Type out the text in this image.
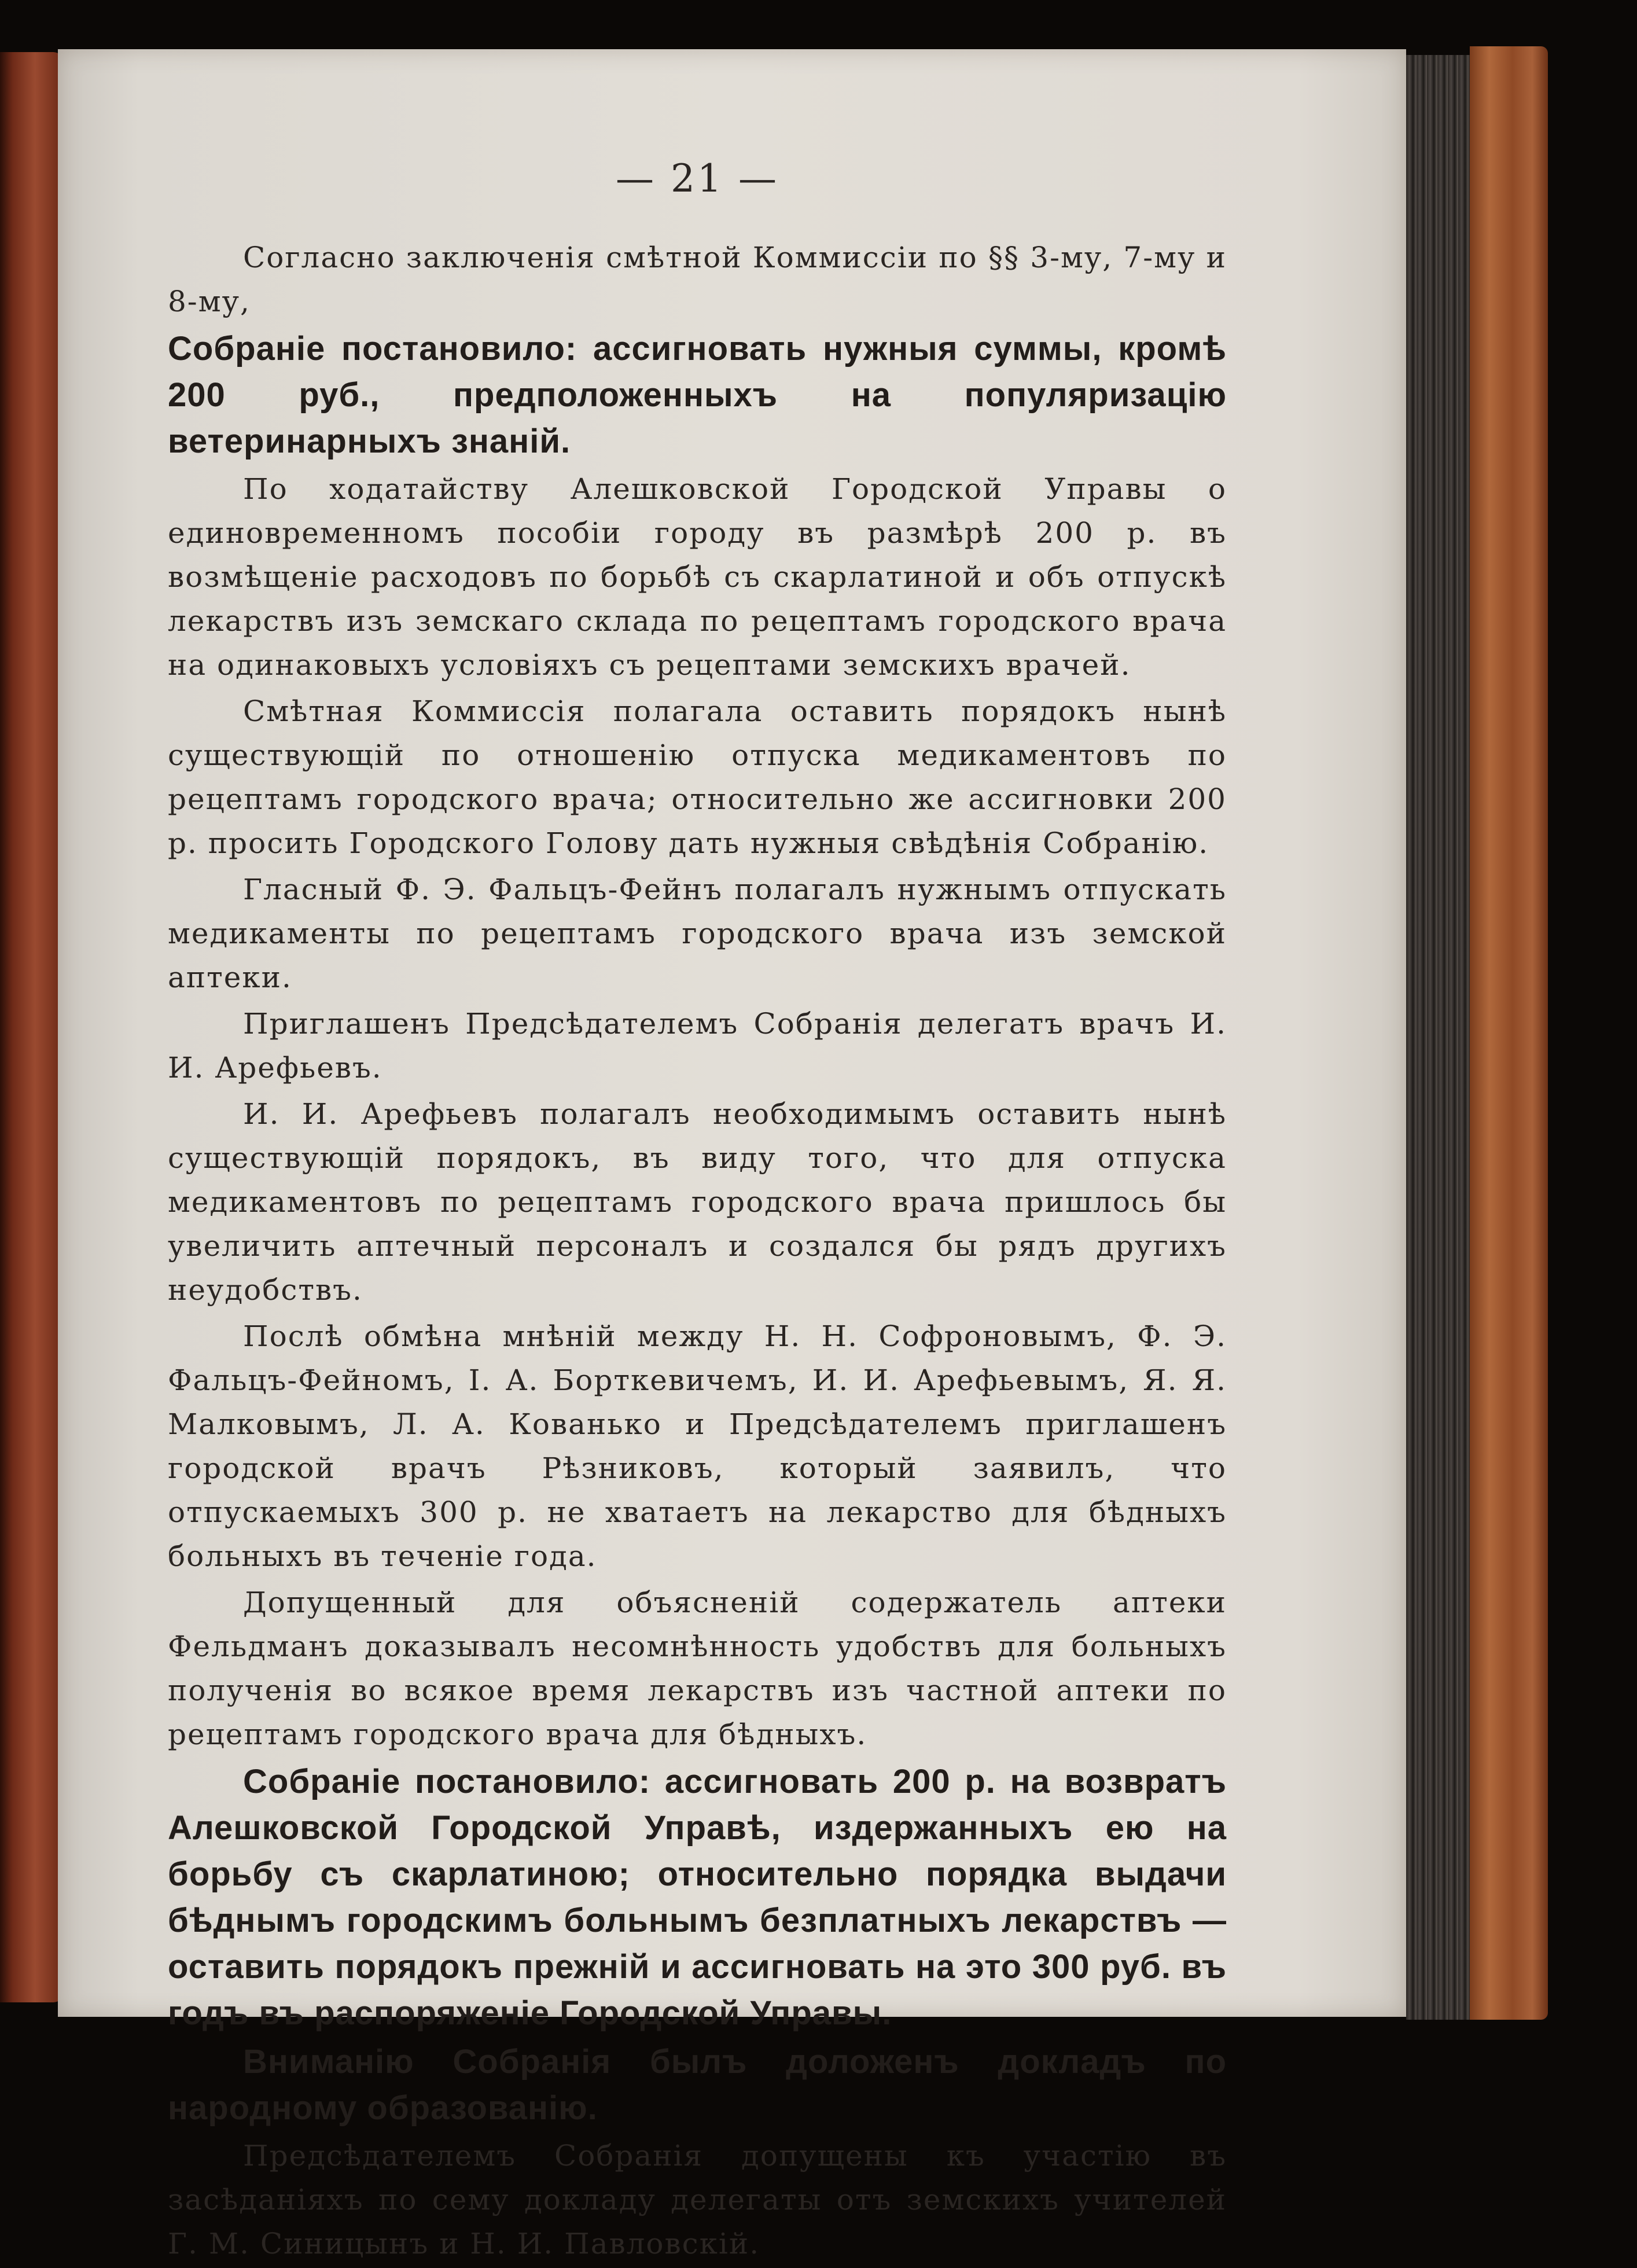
— 21 —

Согласно заключенія смѣтной Коммиссіи по §§ 3-му, 7-му и 8-му,

Собраніе постановило: ассигновать нужныя суммы, кромѣ 200 руб., предположенныхъ на популяризацію ветеринарныхъ знаній.

По ходатайству Алешковской Городской Управы о единовременномъ пособіи городу въ размѣрѣ 200 р. въ возмѣщеніе расходовъ по борьбѣ съ скарлатиной и объ отпускѣ лекарствъ изъ земскаго склада по рецептамъ городского врача на одинаковыхъ условіяхъ съ рецептами земскихъ врачей.

Смѣтная Коммиссія полагала оставить порядокъ нынѣ существующій по отношенію отпуска медикаментовъ по рецептамъ городского врача; относительно же ассигновки 200 р. просить Городского Голову дать нужныя свѣдѣнія Собранію.

Гласный Ф. Э. Фальцъ-Фейнъ полагалъ нужнымъ отпускать медикаменты по рецептамъ городского врача изъ земской аптеки.

Приглашенъ Предсѣдателемъ Собранія делегатъ врачъ И. И. Арефьевъ.

И. И. Арефьевъ полагалъ необходимымъ оставить нынѣ существующій порядокъ, въ виду того, что для отпуска медикаментовъ по рецептамъ городского врача пришлось бы увеличить аптечный персоналъ и создался бы рядъ другихъ неудобствъ.

Послѣ обмѣна мнѣній между Н. Н. Софроновымъ, Ф. Э. Фальцъ-Фейномъ, І. А. Борткевичемъ, И. И. Арефьевымъ, Я. Я. Малковымъ, Л. А. Кованько и Предсѣдателемъ приглашенъ городской врачъ Рѣзниковъ, который заявилъ, что отпускаемыхъ 300 р. не хватаетъ на лекарство для бѣдныхъ больныхъ въ теченіе года.

Допущенный для объясненій содержатель аптеки Фельдманъ доказывалъ несомнѣнность удобствъ для больныхъ полученія во всякое время лекарствъ изъ частной аптеки по рецептамъ городского врача для бѣдныхъ.

Собраніе постановило: ассигновать 200 р. на возвратъ Алешковской Городской Управѣ, издержанныхъ ею на борьбу съ скарлатиною; относительно порядка выдачи бѣднымъ городскимъ больнымъ безплатныхъ лекарствъ — оставить порядокъ прежній и ассигновать на это 300 руб. въ годъ въ распоряженіе Городской Управы.

Вниманію Собранія былъ доложенъ докладъ по народному образованію.

Предсѣдателемъ Собранія допущены къ участію въ засѣданіяхъ по сему докладу делегаты отъ земскихъ учителей Г. М. Синицынъ и Н. И. Павловскій.
